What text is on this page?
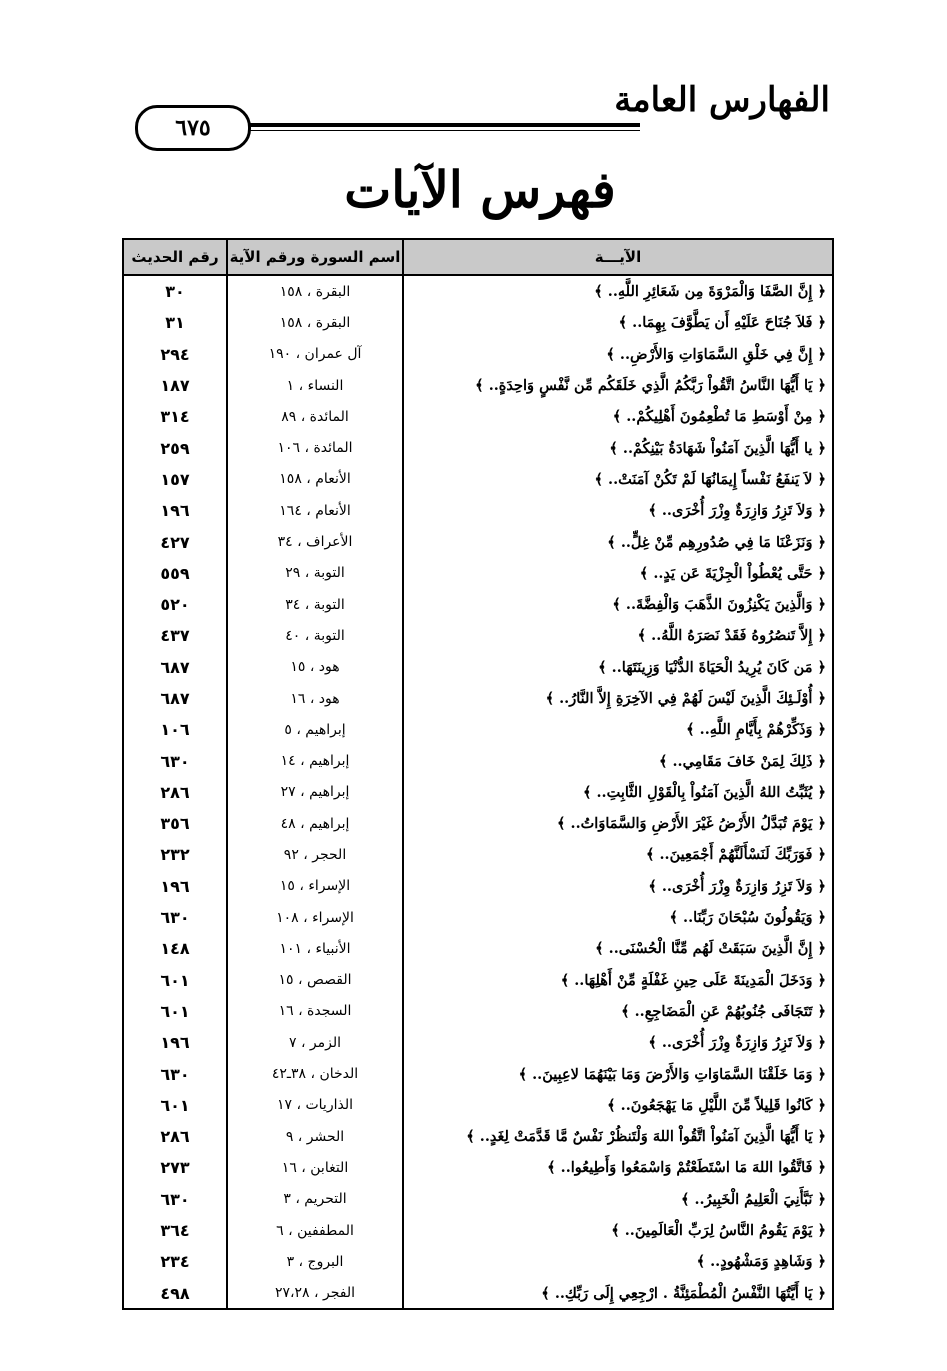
٦٧٥
الفهارس العامة
فهرس الآيات
الآيـــة
اسم السورة ورقم الآية
رقم الحديث
﴿ إِنَّ الصَّفَا وَالْمَرْوَةَ مِن شَعَائِرِ اللَّهِ.. ﴾
البقرة ، ١٥٨
٣٠
﴿ فَلاَ جُنَاحَ عَلَيْهِ أَن يَطَّوَّفَ بِهِمَا.. ﴾
البقرة ، ١٥٨
٣١
﴿ إِنَّ فِي خَلْقِ السَّمَاوَاتِ وَالأَرْضِ.. ﴾
آل عمران ، ١٩٠
٢٩٤
﴿ يَا أَيُّهَا النَّاسُ اتَّقُواْ رَبَّكُمُ الَّذِي خَلَقَكُم مِّن نَّفْسٍ وَاحِدَةٍ.. ﴾
النساء ، ١
١٨٧
﴿ مِنْ أَوْسَطِ مَا تُطْعِمُونَ أَهْلِيكُمْ.. ﴾
المائدة ، ٨٩
٣١٤
﴿ يا أَيُّهَا الَّذِينَ آمَنُواْ شَهَادَةُ بَيْنِكُمْ.. ﴾
المائدة ، ١٠٦
٢٥٩
﴿ لاَ يَنفَعُ نَفْساً إِيمَانُهَا لَمْ تَكُنْ آمَنَتْ.. ﴾
الأنعام ، ١٥٨
١٥٧
﴿ وَلاَ تَزِرُ وَازِرَةٌ وِزْرَ أُخْرَى.. ﴾
الأنعام ، ١٦٤
١٩٦
﴿ وَنَزَعْنَا مَا فِي صُدُورِهِم مِّنْ غِلٍّ.. ﴾
الأعراف ، ٣٤
٤٢٧
﴿ حَتَّى يُعْطُواْ الْجِزْيَةَ عَن يَدٍ.. ﴾
التوبة ، ٢٩
٥٥٩
﴿ وَالَّذِينَ يَكْنِزُونَ الذَّهَبَ وَالْفِضَّةَ.. ﴾
التوبة ، ٣٤
٥٢٠
﴿ إِلاَّ تَنصُرُوهُ فَقَدْ نَصَرَهُ اللَّهُ.. ﴾
التوبة ، ٤٠
٤٣٧
﴿ مَن كَانَ يُرِيدُ الْحَيَاةَ الدُّنْيَا وَزِينَتَهَا.. ﴾
هود ، ١٥
٦٨٧
﴿ أُوْلَـئِكَ الَّذِينَ لَيْسَ لَهُمْ فِي الآخِرَةِ إِلاَّ النَّارُ.. ﴾
هود ، ١٦
٦٨٧
﴿ وَذَكِّرْهُمْ بِأَيَّامِ اللَّهِ.. ﴾
إبراهيم ، ٥
١٠٦
﴿ ذَلِكَ لِمَنْ خَافَ مَقَامِي.. ﴾
إبراهيم ، ١٤
٦٣٠
﴿ يُثَبِّتُ اللهُ الَّذِينَ آمَنُواْ بِالْقَوْلِ الثَّابِتِ.. ﴾
إبراهيم ، ٢٧
٢٨٦
﴿ يَوْمَ تُبَدَّلُ الأَرْضُ غَيْرَ الأَرْضِ وَالسَّمَاوَاتُ.. ﴾
إبراهيم ، ٤٨
٣٥٦
﴿ فَوَرَبِّكَ لَنَسْأَلَنَّهُمْ أَجْمَعِينَ.. ﴾
الحجر ، ٩٢
٢٣٢
﴿ وَلاَ تَزِرُ وَازِرَةٌ وِزْرَ أُخْرَى.. ﴾
الإسراء ، ١٥
١٩٦
﴿ وَيَقُولُونَ سُبْحَانَ رَبِّنَا.. ﴾
الإسراء ، ١٠٨
٦٣٠
﴿ إِنَّ الَّذِينَ سَبَقَتْ لَهُم مِّنَّا الْحُسْنَى.. ﴾
الأنبياء ، ١٠١
١٤٨
﴿ وَدَخَلَ الْمَدِينَةَ عَلَى حِينِ غَفْلَةٍ مِّنْ أَهْلِهَا.. ﴾
القصص ، ١٥
٦٠١
﴿ تَتَجَافَى جُنُوبُهُمْ عَنِ الْمَضَاجِعِ.. ﴾
السجدة ، ١٦
٦٠١
﴿ وَلاَ تَزِرُ وَازِرَةٌ وِزْرَ أُخْرَى.. ﴾
الزمر ، ٧
١٩٦
﴿ وَمَا خَلَقْنَا السَّمَاوَاتِ وَالأَرْضَ وَمَا بَيْنَهُمَا لاعِبِينَ.. ﴾
الدخان ، ٣٨ـ٤٢
٦٣٠
﴿ كَانُوا قَلِيلاً مِّنَ اللَّيْلِ مَا يَهْجَعُونَ.. ﴾
الذاريات ، ١٧
٦٠١
﴿ يَا أَيُّهَا الَّذِينَ آمَنُواْ اتَّقُواْ اللهَ وَلْتَنظُرْ نَفْسٌ مَّا قَدَّمَتْ لِغَدٍ.. ﴾
الحشر ، ٩
٢٨٦
﴿ فَاتَّقُوا اللهَ مَا اسْتَطَعْتُمْ وَاسْمَعُوا وَأَطِيعُوا.. ﴾
التغابن ، ١٦
٢٧٣
﴿ نَبَّأَنِيَ الْعَلِيمُ الْخَبِيرُ.. ﴾
التحريم ، ٣
٦٣٠
﴿ يَوْمَ يَقُومُ النَّاسُ لِرَبِّ الْعَالَمِينَ.. ﴾
المطففين ، ٦
٣٦٤
﴿ وَشَاهِدٍ وَمَشْهُودٍ.. ﴾
البروج ، ٣
٢٣٤
﴿ يَا أَيَّتُهَا النَّفْسُ الْمُطْمَئِنَّةُ . ارْجِعِي إِلَى رَبِّكِ.. ﴾
الفجر ، ٢٧،٢٨
٤٩٨
